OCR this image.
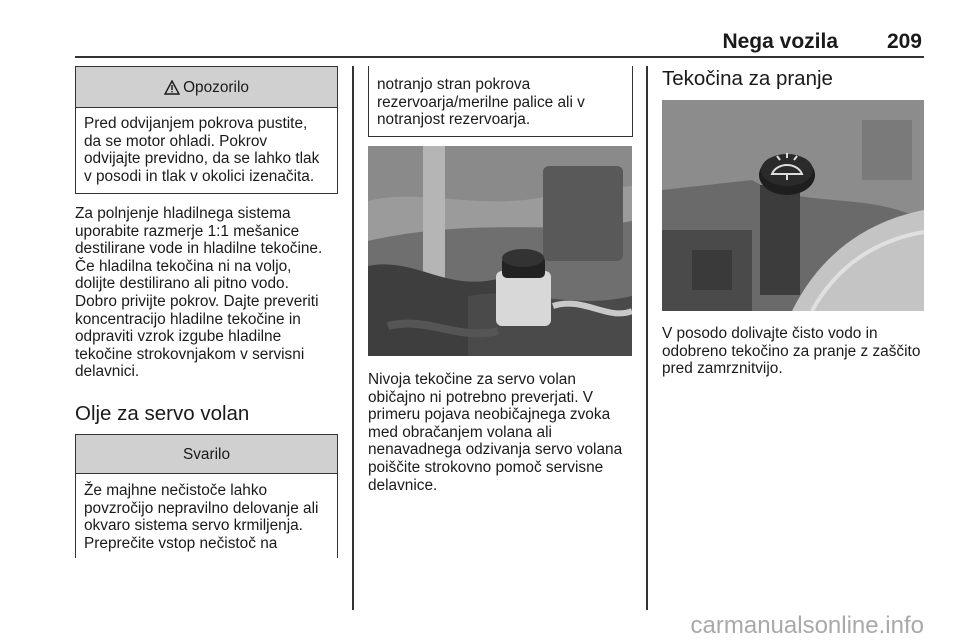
Nega vozila 209
Opozorilo
Pred odvijanjem pokrova pustite,
da se motor ohladi. Pokrov
odvijajte previdno, da se lahko tlak
v posodi in tlak v okolici izenačita.
Za polnjenje hladilnega sistema
uporabite razmerje 1:1 mešanice
destilirane vode in hladilne tekočine.
Če hladilna tekočina ni na voljo,
dolijte destilirano ali pitno vodo.
Dobro privijte pokrov. Dajte preveriti
koncentracijo hladilne tekočine in
odpraviti vzrok izgube hladilne
tekočine strokovnjakom v servisni
delavnici.
Olje za servo volan
Svarilo
Že majhne nečistoče lahko
povzročijo nepravilno delovanje ali
okvaro sistema servo krmiljenja.
Preprečite vstop nečistoč na
notranjo stran pokrova
rezervoarja/merilne palice ali v
notranjost rezervoarja.
Nivoja tekočine za servo volan
običajno ni potrebno preverjati. V
primeru pojava neobičajnega zvoka
med obračanjem volana ali
nenavadnega odzivanja servo volana
poiščite strokovno pomoč servisne
delavnice.
Tekočina za pranje
V posodo dolivajte čisto vodo in
odobreno tekočino za pranje z zaščito
pred zamrznitvijo.
carmanualsonline.info
